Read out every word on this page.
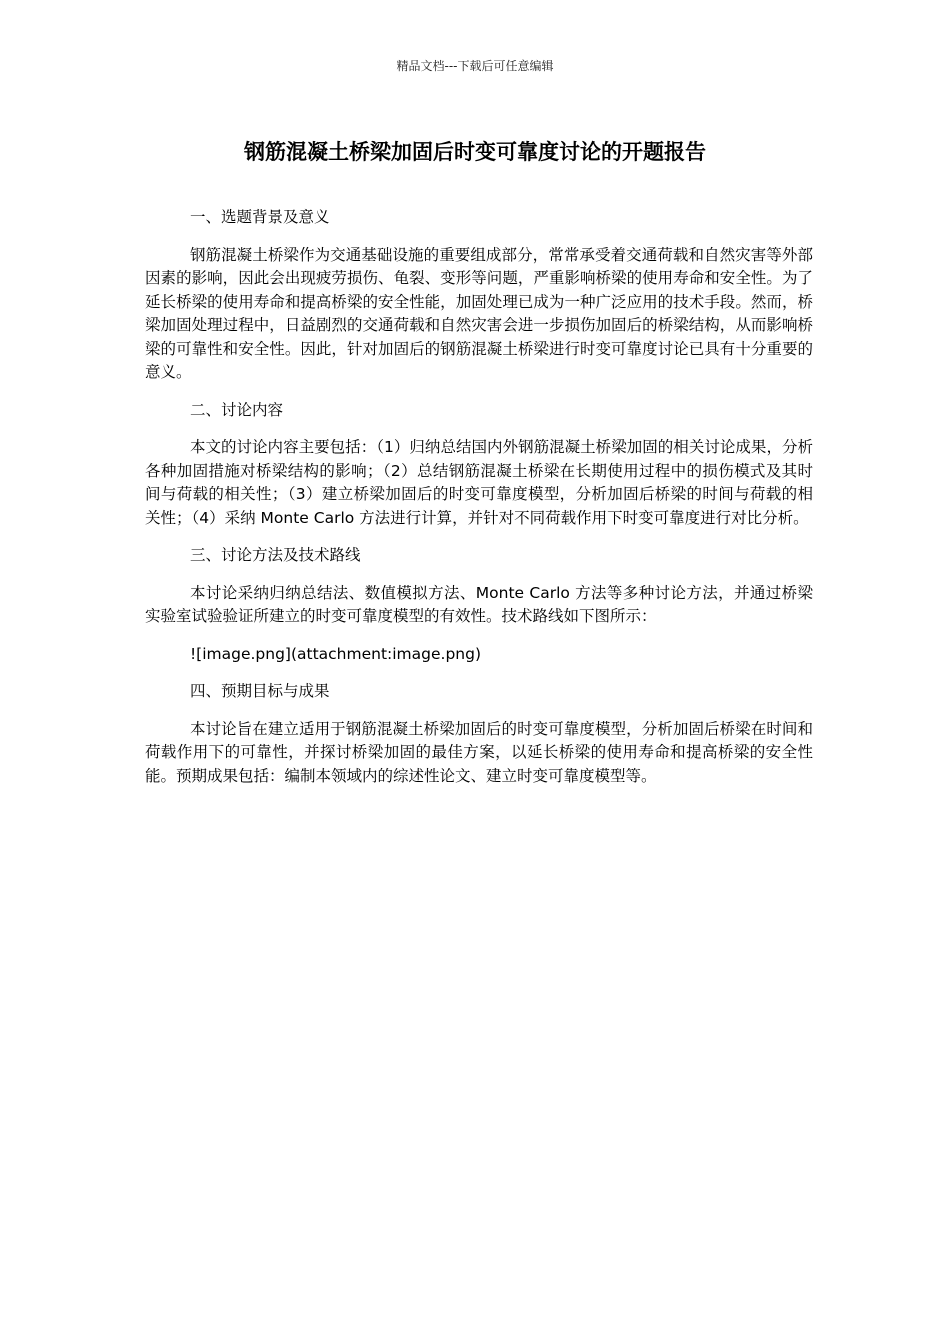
精品文档---下载后可任意编辑
钢筋混凝土桥梁加固后时变可靠度讨论的开题报告
一、选题背景及意义

钢筋混凝土桥梁作为交通基础设施的重要组成部分，常常承受着交通荷载和自然灾害等外部因素的影响，因此会出现疲劳损伤、龟裂、变形等问题，严重影响桥梁的使用寿命和安全性。为了延长桥梁的使用寿命和提高桥梁的安全性能，加固处理已成为一种广泛应用的技术手段。然而，桥梁加固处理过程中，日益剧烈的交通荷载和自然灾害会进一步损伤加固后的桥梁结构，从而影响桥梁的可靠性和安全性。因此，针对加固后的钢筋混凝土桥梁进行时变可靠度讨论已具有十分重要的意义。

二、讨论内容

本文的讨论内容主要包括：（1）归纳总结国内外钢筋混凝土桥梁加固的相关讨论成果，分析各种加固措施对桥梁结构的影响；（2）总结钢筋混凝土桥梁在长期使用过程中的损伤模式及其时间与荷载的相关性；（3）建立桥梁加固后的时变可靠度模型，分析加固后桥梁的时间与荷载的相关性；（4）采纳 Monte Carlo 方法进行计算，并针对不同荷载作用下时变可靠度进行对比分析。

三、讨论方法及技术路线

本讨论采纳归纳总结法、数值模拟方法、Monte Carlo 方法等多种讨论方法，并通过桥梁实验室试验验证所建立的时变可靠度模型的有效性。技术路线如下图所示：

![image.png](attachment:image.png)

四、预期目标与成果

本讨论旨在建立适用于钢筋混凝土桥梁加固后的时变可靠度模型，分析加固后桥梁在时间和荷载作用下的可靠性，并探讨桥梁加固的最佳方案，以延长桥梁的使用寿命和提高桥梁的安全性能。预期成果包括：编制本领域内的综述性论文、建立时变可靠度模型等。
